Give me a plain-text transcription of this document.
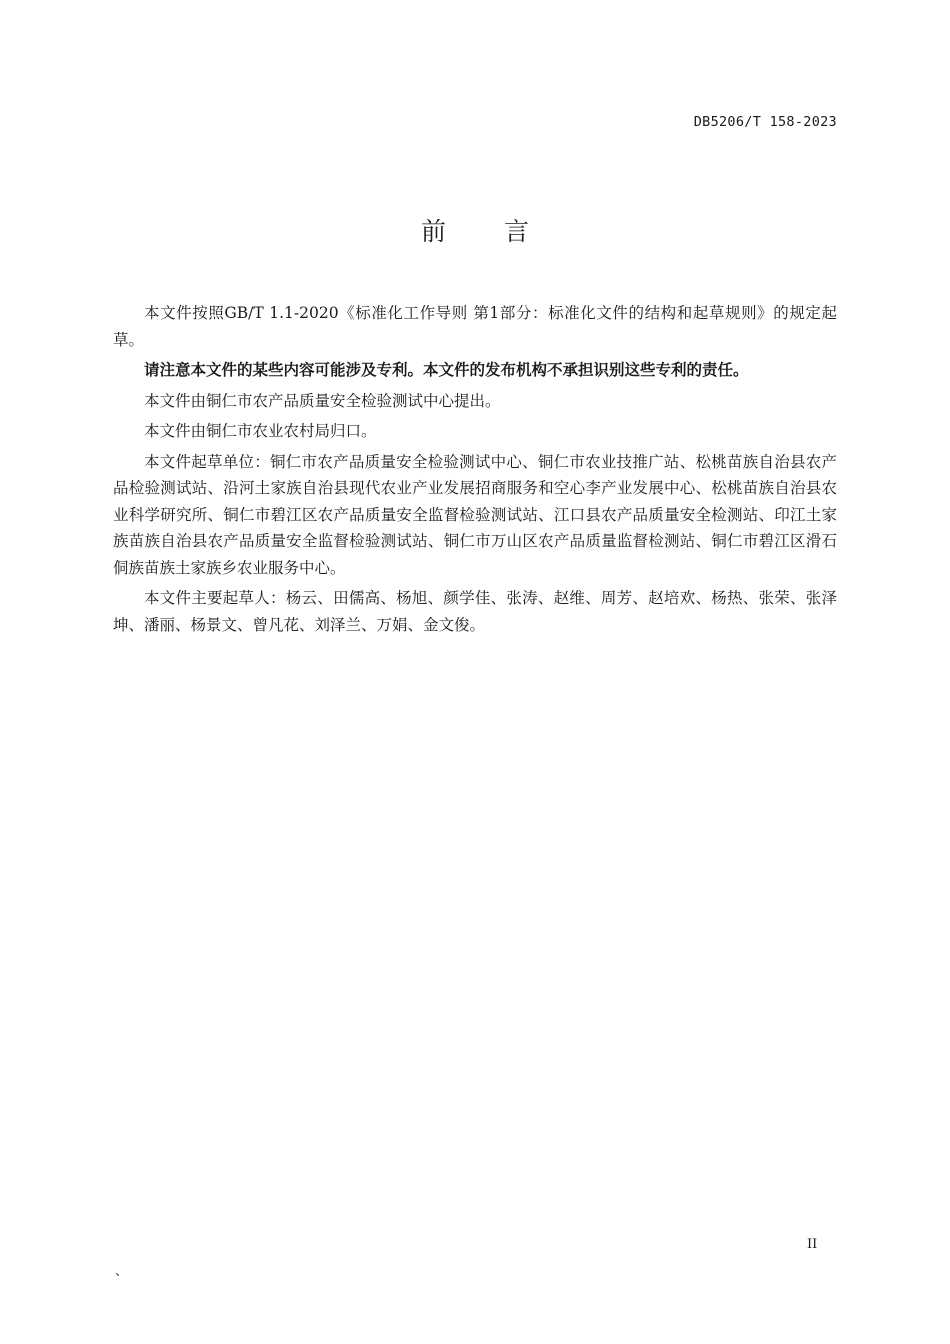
DB5206/T 158-2023
前言

本文件按照GB/T 1.1-2020《标准化工作导则 第1部分：标准化文件的结构和起草规则》的规定起草。

请注意本文件的某些内容可能涉及专利。本文件的发布机构不承担识别这些专利的责任。

本文件由铜仁市农产品质量安全检验测试中心提出。

本文件由铜仁市农业农村局归口。

本文件起草单位：铜仁市农产品质量安全检验测试中心、铜仁市农业技推广站、松桃苗族自治县农产品检验测试站、沿河土家族自治县现代农业产业发展招商服务和空心李产业发展中心、松桃苗族自治县农业科学研究所、铜仁市碧江区农产品质量安全监督检验测试站、江口县农产品质量安全检测站、印江土家族苗族自治县农产品质量安全监督检验测试站、铜仁市万山区农产品质量监督检测站、铜仁市碧江区滑石侗族苗族土家族乡农业服务中心。

本文件主要起草人：杨云、田儒高、杨旭、颜学佳、张涛、赵维、周芳、赵培欢、杨热、张荣、张泽坤、潘丽、杨景文、曾凡花、刘泽兰、万娟、金文俊。

II
、
